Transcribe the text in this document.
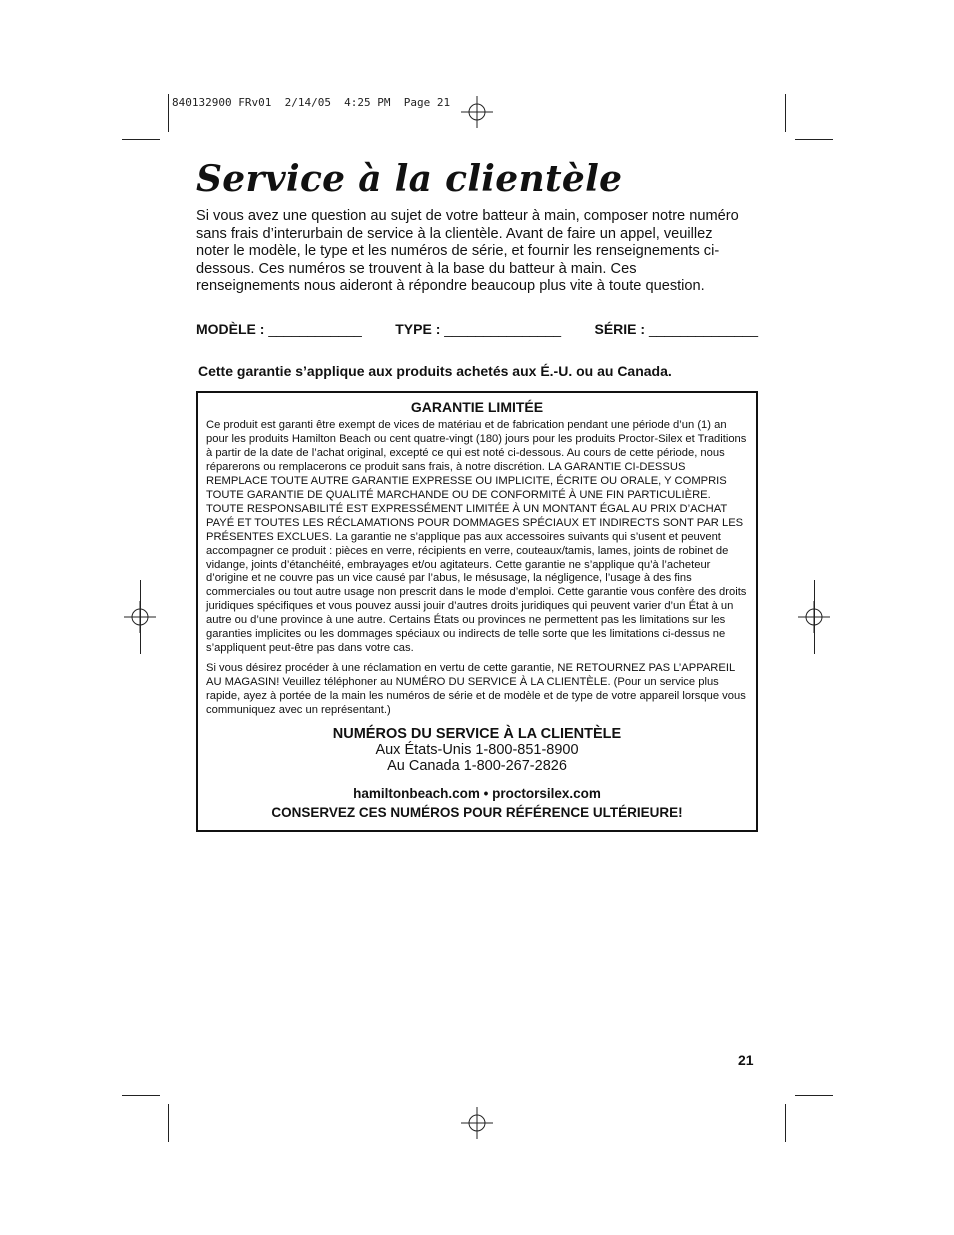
840132900 FRv01  2/14/05  4:25 PM  Page 21
Service à la clientèle

Si vous avez une question au sujet de votre batteur à main, composer notre numéro sans frais d’interurbain de service à la clientèle. Avant de faire un appel, veuillez noter le modèle, le type et les numéros de série, et fournir les renseignements ci-dessous. Ces numéros se trouvent à la base du batteur à main. Ces renseignements nous aideront à répondre beaucoup plus vite à toute question.

MODÈLE : ____________ TYPE : _______________ SÉRIE : ______________

Cette garantie s’applique aux produits achetés aux É.-U. ou au Canada.

GARANTIE LIMITÉE

Ce produit est garanti être exempt de vices de matériau et de fabrication pendant une période d’un (1) an pour les produits Hamilton Beach ou cent quatre-vingt (180) jours pour les produits Proctor-Silex et Traditions à partir de la date de l’achat original, excepté ce qui est noté ci-dessous. Au cours de cette période, nous réparerons ou remplacerons ce produit sans frais, à notre discrétion. LA GARANTIE CI-DESSUS REMPLACE TOUTE AUTRE GARANTIE EXPRESSE OU IMPLICITE, ÉCRITE OU ORALE, Y COMPRIS TOUTE GARANTIE DE QUALITÉ MARCHANDE OU DE CONFORMITÉ À UNE FIN PARTICULIÈRE. TOUTE RESPONSABILITÉ EST EXPRESSÉMENT LIMITÉE À UN MONTANT ÉGAL AU PRIX D’ACHAT PAYÉ ET TOUTES LES RÉCLAMATIONS POUR DOMMAGES SPÉCIAUX ET INDIRECTS SONT PAR LES PRÉSENTES EXCLUES. La garantie ne s’applique pas aux accessoires suivants qui s’usent et peuvent accompagner ce produit : pièces en verre, récipients en verre, couteaux/tamis, lames, joints de robinet de vidange, joints d’étanchéité, embrayages et/ou agitateurs. Cette garantie ne s’applique qu’à l’acheteur d’origine et ne couvre pas un vice causé par l’abus, le mésusage, la négligence, l’usage à des fins commerciales ou tout autre usage non prescrit dans le mode d’emploi. Cette garantie vous confère des droits juridiques spécifiques et vous pouvez aussi jouir d’autres droits juridiques qui peuvent varier d’un État à un autre ou d’une province à une autre. Certains États ou provinces ne permettent pas les limitations sur les garanties implicites ou les dommages spéciaux ou indirects de telle sorte que les limitations ci-dessus ne s’appliquent peut-être pas dans votre cas.

Si vous désirez procéder à une réclamation en vertu de cette garantie, NE RETOURNEZ PAS L’APPAREIL AU MAGASIN! Veuillez téléphoner au NUMÉRO DU SERVICE À LA CLIENTÈLE. (Pour un service plus rapide, ayez à portée de la main les numéros de série et de modèle et de type de votre appareil lorsque vous communiquez avec un représentant.)

NUMÉROS DU SERVICE À LA CLIENTÈLE
Aux États-Unis 1-800-851-8900
Au Canada 1-800-267-2826
hamiltonbeach.com • proctorsilex.com
CONSERVEZ CES NUMÉROS POUR RÉFÉRENCE ULTÉRIEURE!
21
